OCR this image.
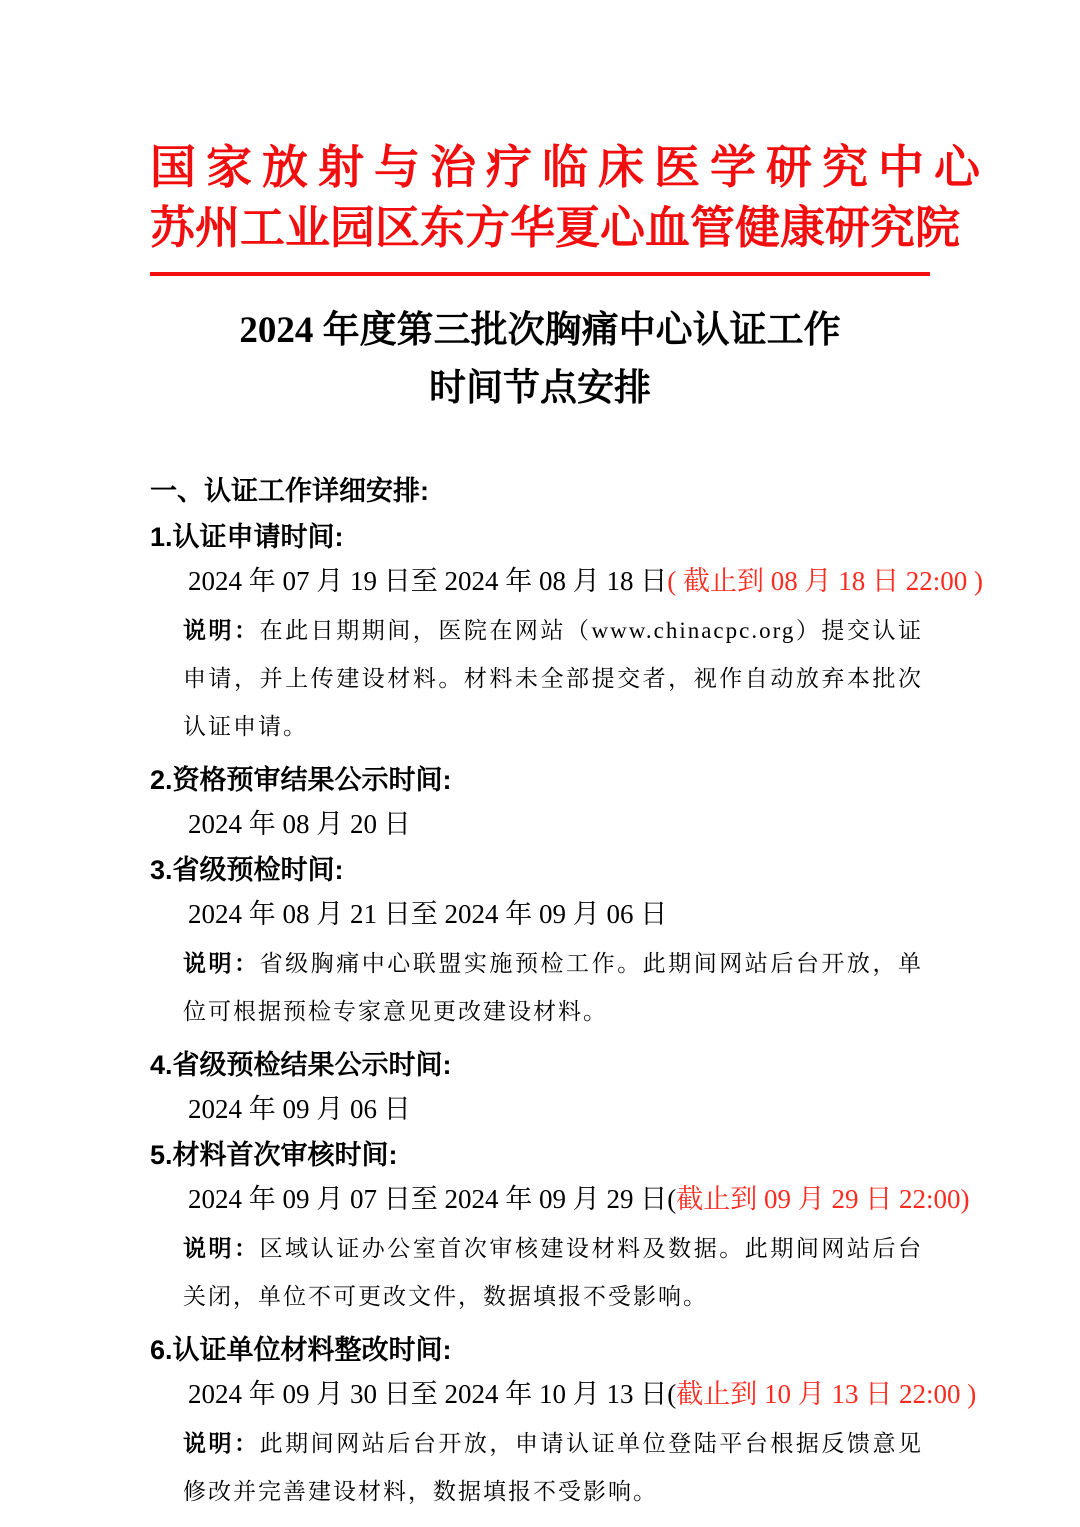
国家放射与治疗临床医学研究中心
苏州工业园区东方华夏心血管健康研究院
2024 年度第三批次胸痛中心认证工作
时间节点安排
一、认证工作详细安排:
1.认证申请时间:
2024 年 07 月 19 日至 2024 年 08 月 18 日( 截止到 08 月 18 日 22:00 )
说明：在此日期期间，医院在网站（www.chinacpc.org）提交认证申请，并上传建设材料。材料未全部提交者，视作自动放弃本批次认证申请。
2.资格预审结果公示时间:
2024 年 08 月 20 日
3.省级预检时间:
2024 年 08 月 21 日至 2024 年 09 月 06 日
说明：省级胸痛中心联盟实施预检工作。此期间网站后台开放，单位可根据预检专家意见更改建设材料。
4.省级预检结果公示时间:
2024 年 09 月 06 日
5.材料首次审核时间:
2024 年 09 月 07 日至 2024 年 09 月 29 日(截止到 09 月 29 日 22:00)
说明：区域认证办公室首次审核建设材料及数据。此期间网站后台关闭，单位不可更改文件，数据填报不受影响。
6.认证单位材料整改时间:
2024 年 09 月 30 日至 2024 年 10 月 13 日(截止到 10 月 13 日 22:00 )
说明：此期间网站后台开放，申请认证单位登陆平台根据反馈意见修改并完善建设材料，数据填报不受影响。
